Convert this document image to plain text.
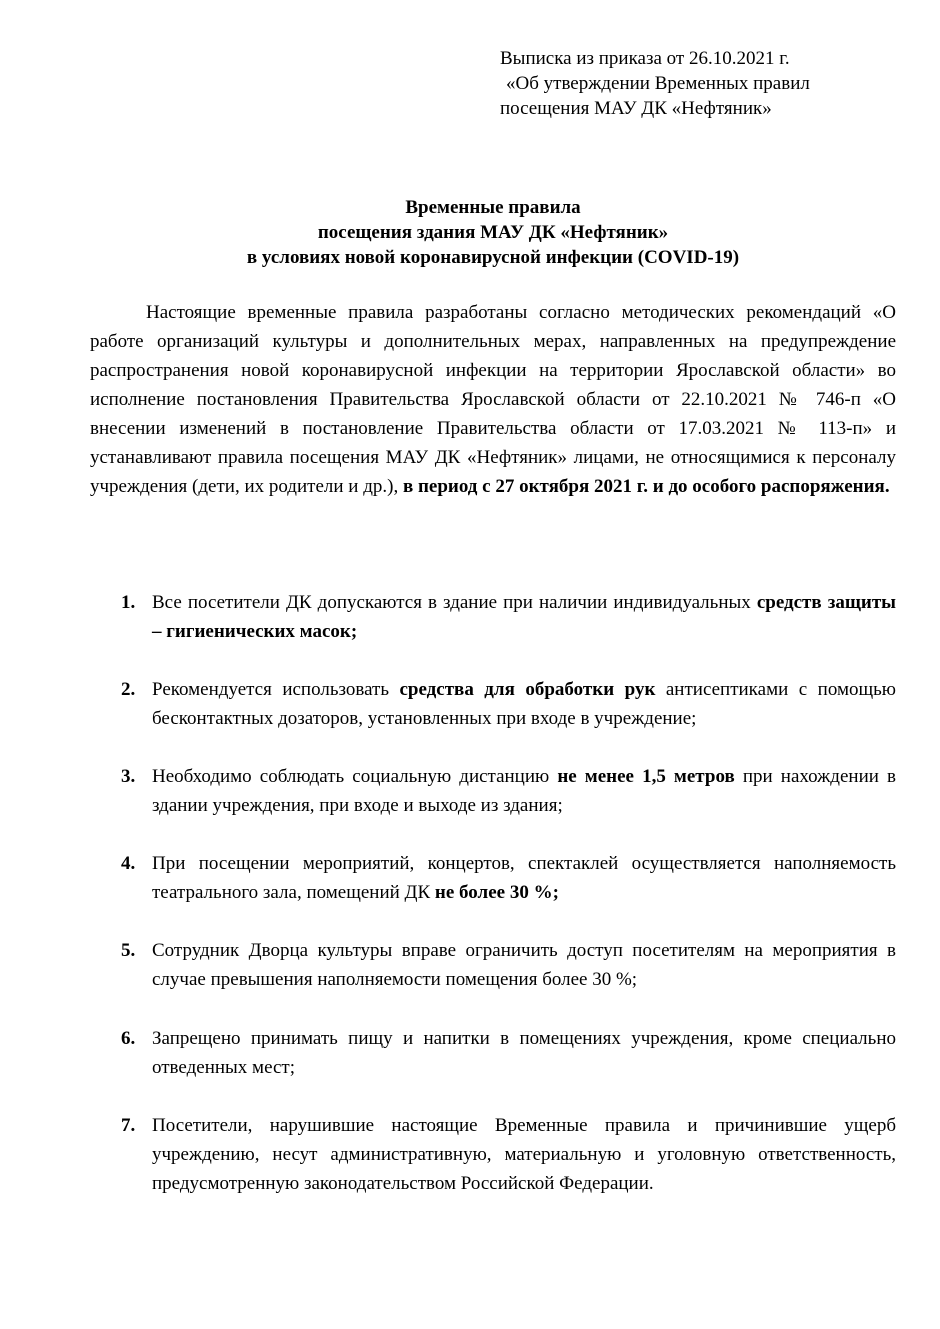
Выписка из приказа от 26.10.2021 г.
«Об утверждении Временных правил
посещения МАУ ДК «Нефтяник»
Временные правила
посещения здания МАУ ДК «Нефтяник»
в условиях новой коронавирусной инфекции (COVID-19)
Настоящие временные правила разработаны согласно методических рекомендаций «О работе организаций культуры и дополнительных мерах, направленных на предупреждение распространения новой коронавирусной инфекции на территории Ярославской области» во исполнение постановления Правительства Ярославской области от 22.10.2021 № 746-п «О внесении изменений в постановление Правительства области от 17.03.2021 № 113-п» и устанавливают правила посещения МАУ ДК «Нефтяник» лицами, не относящимися к персоналу учреждения (дети, их родители и др.), в период с 27 октября 2021 г. и до особого распоряжения.
1. Все посетители ДК допускаются в здание при наличии индивидуальных средств защиты – гигиенических масок;
2. Рекомендуется использовать средства для обработки рук антисептиками с помощью бесконтактных дозаторов, установленных при входе в учреждение;
3. Необходимо соблюдать социальную дистанцию не менее 1,5 метров при нахождении в здании учреждения, при входе и выходе из здания;
4. При посещении мероприятий, концертов, спектаклей осуществляется наполняемость театрального зала, помещений ДК не более 30 %;
5. Сотрудник Дворца культуры вправе ограничить доступ посетителям на мероприятия в случае превышения наполняемости помещения более 30 %;
6. Запрещено принимать пищу и напитки в помещениях учреждения, кроме специально отведенных мест;
7. Посетители, нарушившие настоящие Временные правила и причинившие ущерб учреждению, несут административную, материальную и уголовную ответственность, предусмотренную законодательством Российской Федерации.
